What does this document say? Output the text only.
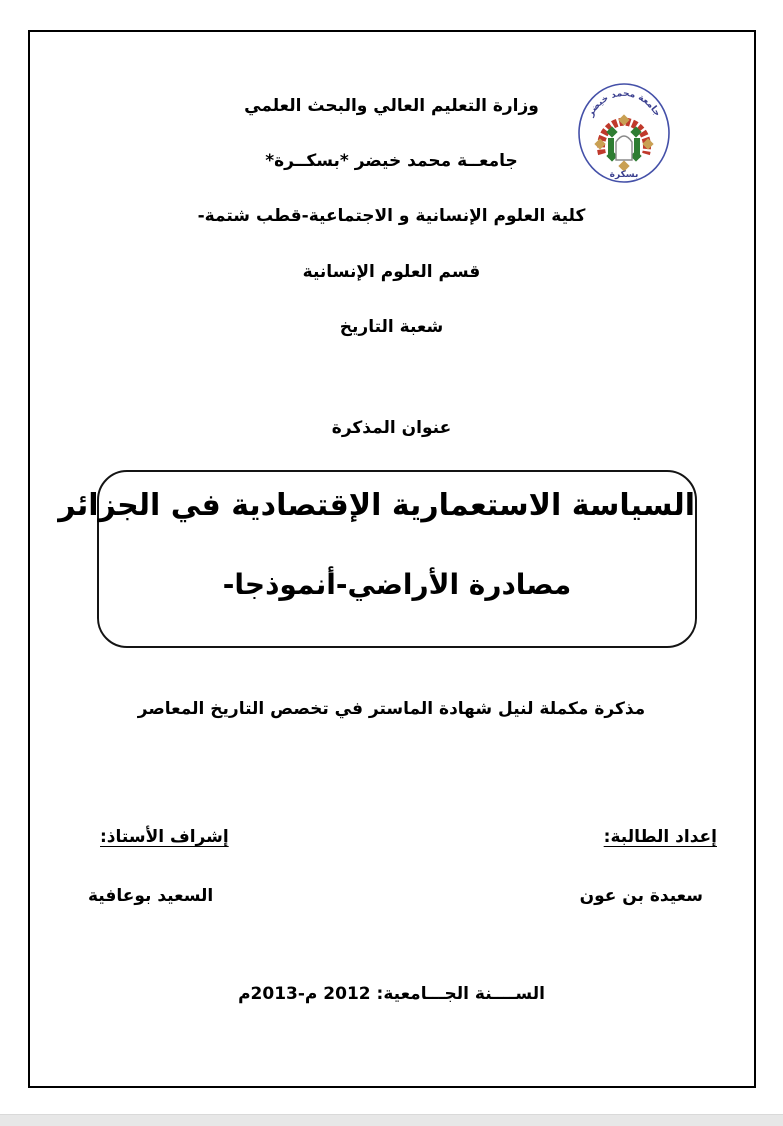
جامعة محمد خيضر
بسكرة
وزارة التعليم العالي والبحث العلمي
جامعــة محمد خيضر *بسكــرة*
كلية العلوم الإنسانية و الاجتماعية-قطب شتمة-
قسم العلوم الإنسانية
شعبة التاريخ
عنوان المذكرة
السياسة الاستعمارية الإقتصادية في الجزائر
مصادرة الأراضي-أنموذجا-
مذكرة مكملة لنيل شهادة الماستر في تخصص التاريخ المعاصر
إعداد الطالبة:
إشراف الأستاذ:
سعيدة بن عون
السعيد بوعافية
الســــنة الجـــامعية: 2012 م-2013م
